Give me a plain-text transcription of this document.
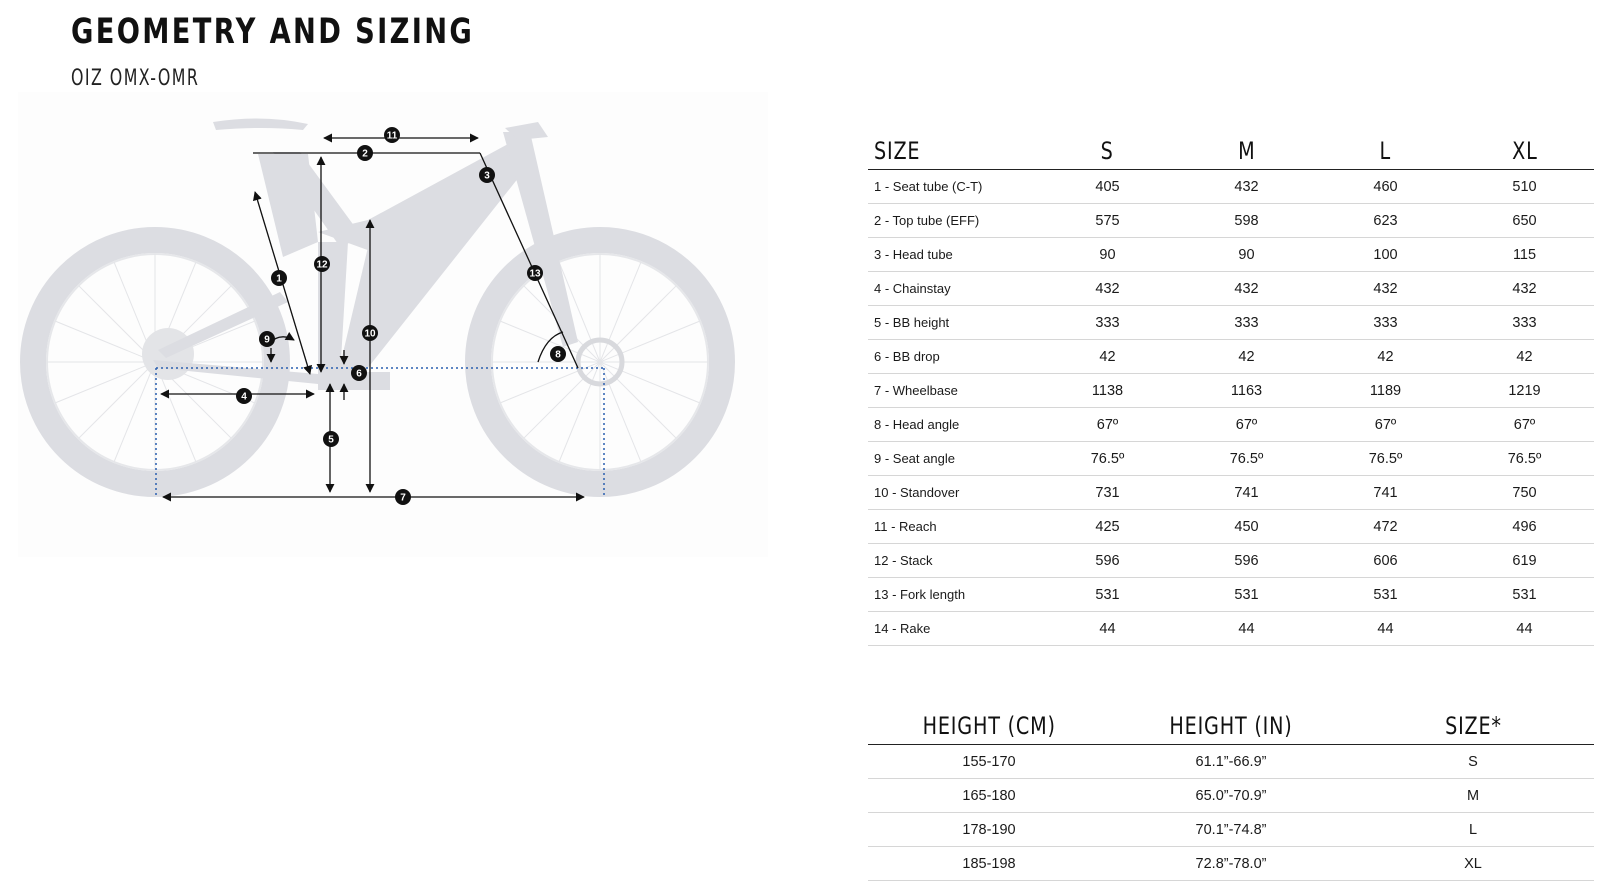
GEOMETRY AND SIZING
OIZ OMX-OMR
1
2
3
4
5
6
7
8
9
10
11
12
13
SIZE	S	M	L	XL
1 - Seat tube (C-T)	405	432	460	510
2 - Top tube (EFF)	575	598	623	650
3 - Head tube	90	90	100	115
4 - Chainstay	432	432	432	432
5 - BB height	333	333	333	333
6 - BB drop	42	42	42	42
7 - Wheelbase	1138	1163	1189	1219
8 - Head angle	67º	67º	67º	67º
9 - Seat angle	76.5º	76.5º	76.5º	76.5º
10 - Standover	731	741	741	750
11 - Reach	425	450	472	496
12 - Stack	596	596	606	619
13 - Fork length	531	531	531	531
14 - Rake	44	44	44	44
HEIGHT (CM)	HEIGHT (IN)	SIZE*
155-170	61.1”-66.9”	S
165-180	65.0”-70.9”	M
178-190	70.1”-74.8”	L
185-198	72.8”-78.0”	XL
